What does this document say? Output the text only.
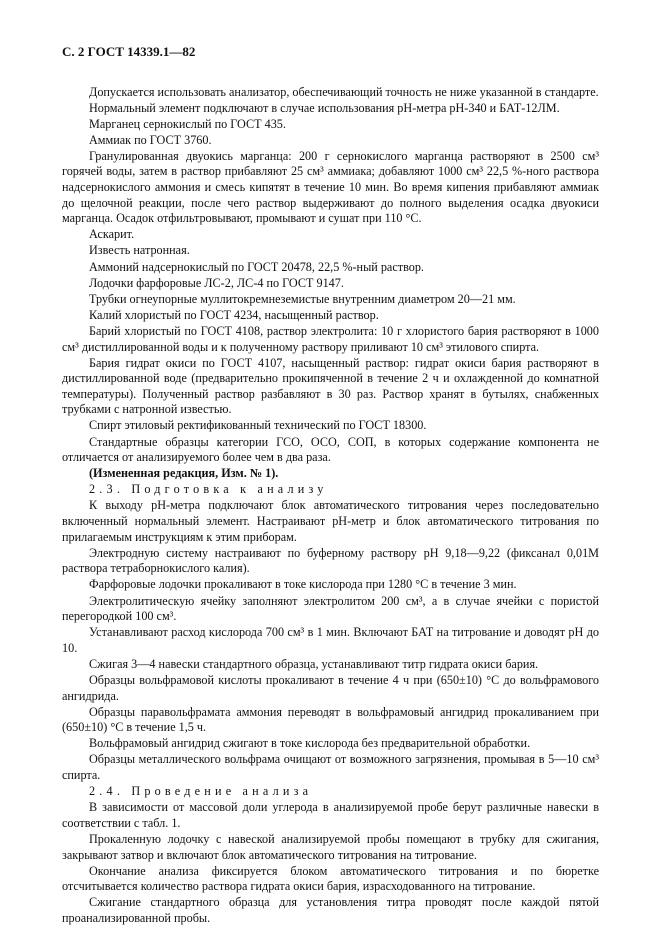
С. 2 ГОСТ 14339.1—82

Допускается использовать анализатор, обеспечивающий точность не ниже указанной в стандарте.

Нормальный элемент подключают в случае использования pH-метра pH-340 и БАТ-12ЛМ.

Марганец сернокислый по ГОСТ 435.

Аммиак по ГОСТ 3760.

Гранулированная двуокись марганца: 200 г сернокислого марганца растворяют в 2500 см³ горячей воды, затем в раствор прибавляют 25 см³ аммиака; добавляют 1000 см³ 22,5 %-ного раствора надсернокислого аммония и смесь кипятят в течение 10 мин. Во время кипения прибавляют аммиак до щелочной реакции, после чего раствор выдерживают до полного выделения осадка двуокиси марганца. Осадок отфильтровывают, промывают и сушат при 110 °С.

Аскарит.

Известь натронная.

Аммоний надсернокислый по ГОСТ 20478, 22,5 %-ный раствор.

Лодочки фарфоровые ЛС-2, ЛС-4 по ГОСТ 9147.

Трубки огнеупорные муллитокремнеземистые внутренним диаметром 20—21 мм.

Калий хлористый по ГОСТ 4234, насыщенный раствор.

Барий хлористый по ГОСТ 4108, раствор электролита: 10 г хлористого бария растворяют в 1000 см³ дистиллированной воды и к полученному раствору приливают 10 см³ этилового спирта.

Бария гидрат окиси по ГОСТ 4107, насыщенный раствор: гидрат окиси бария растворяют в дистиллированной воде (предварительно прокипяченной в течение 2 ч и охлажденной до комнатной температуры). Полученный раствор разбавляют в 30 раз. Раствор хранят в бутылях, снабженных трубками с натронной известью.

Спирт этиловый ректификованный технический по ГОСТ 18300.

Стандартные образцы категории ГСО, ОСО, СОП, в которых содержание компонента не отличается от анализируемого более чем в два раза.

(Измененная редакция, Изм. № 1).

2.3. Подготовка к анализу

К выходу pH-метра подключают блок автоматического титрования через последовательно включенный нормальный элемент. Настраивают pH-метр и блок автоматического титрования по прилагаемым инструкциям к этим приборам.

Электродную систему настраивают по буферному раствору pH 9,18—9,22 (фиксанал 0,01М раствора тетраборнокислого калия).

Фарфоровые лодочки прокаливают в токе кислорода при 1280 °С в течение 3 мин.

Электролитическую ячейку заполняют электролитом 200 см³, а в случае ячейки с пористой перегородкой 100 см³.

Устанавливают расход кислорода 700 см³ в 1 мин. Включают БАТ на титрование и доводят pH до 10.

Сжигая 3—4 навески стандартного образца, устанавливают титр гидрата окиси бария.

Образцы вольфрамовой кислоты прокаливают в течение 4 ч при (650±10) °С до вольфрамового ангидрида.

Образцы паравольфрамата аммония переводят в вольфрамовый ангидрид прокаливанием при (650±10) °С в течение 1,5 ч.

Вольфрамовый ангидрид сжигают в токе кислорода без предварительной обработки.

Образцы металлического вольфрама очищают от возможного загрязнения, промывая в 5—10 см³ спирта.

2.4. Проведение анализа

В зависимости от массовой доли углерода в анализируемой пробе берут различные навески в соответствии с табл. 1.

Прокаленную лодочку с навеской анализируемой пробы помещают в трубку для сжигания, закрывают затвор и включают блок автоматического титрования на титрование.

Окончание анализа фиксируется блоком автоматического титрования и по бюретке отсчитывается количество раствора гидрата окиси бария, израсходованного на титрование.

Сжигание стандартного образца для установления титра проводят после каждой пятой проанализированной пробы.
